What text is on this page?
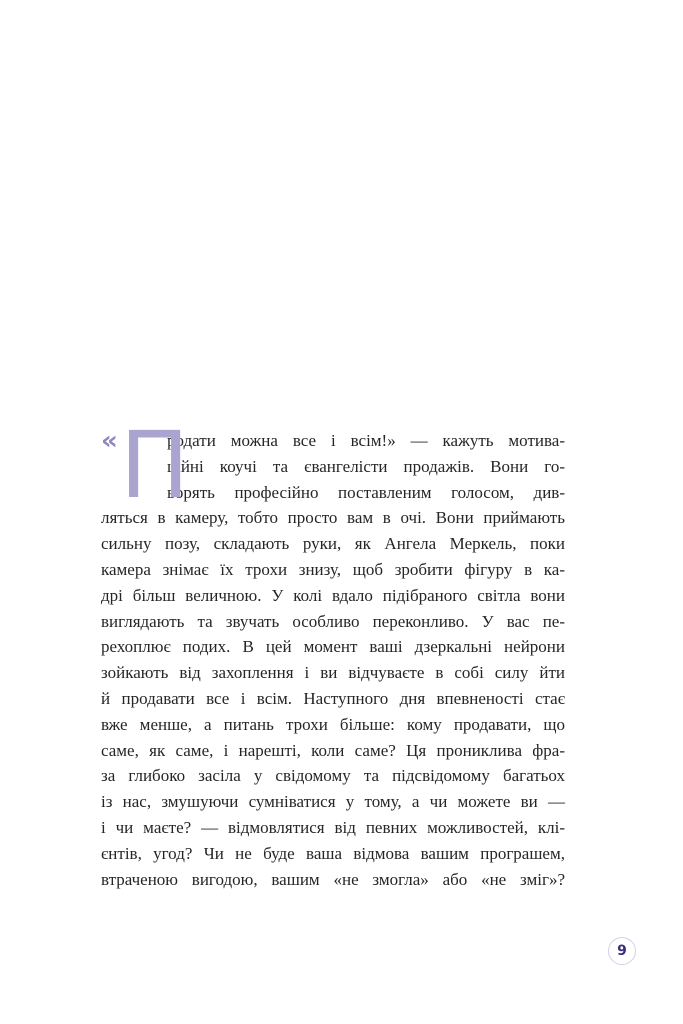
« П
родати можна все і всім!» — кажуть мотива-
ційні коучі та євангелісти продажів. Вони го-
ворять професійно поставленим голосом, див-
ляться в камеру, тобто просто вам в очі. Вони приймають
сильну позу, складають руки, як Ангела Меркель, поки
камера знімає їх трохи знизу, щоб зробити фігуру в ка-
дрі більш величною. У колі вдало підібраного світла вони
виглядають та звучать особливо переконливо. У вас пе-
рехоплює подих. В цей момент ваші дзеркальні нейрони
зойкають від захоплення і ви відчуваєте в собі силу йти
й продавати все і всім. Наступного дня впевненості стає
вже менше, а питань трохи більше: кому продавати, що
саме, як саме, і нарешті, коли саме? Ця прониклива фра-
за глибоко засіла у свідомому та підсвідомому багатьох
із нас, змушуючи сумніватися у тому, а чи можете ви —
і чи маєте? — відмовлятися від певних можливостей, клі-
єнтів, угод? Чи не буде ваша відмова вашим програшем,
втраченою вигодою, вашим «не змогла» або «не зміг»?
9
